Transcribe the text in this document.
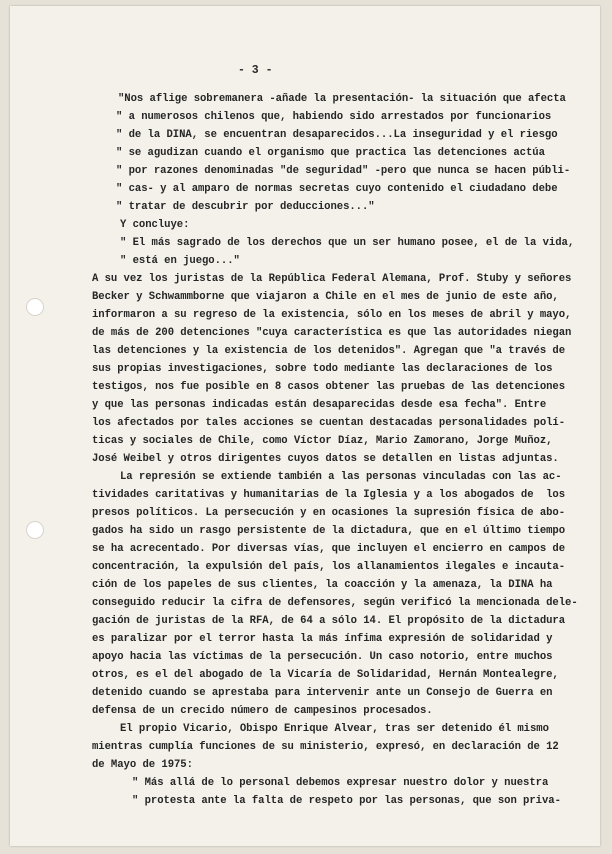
- 3 -
"Nos aflige sobremanera -añade la presentación- la situación que afecta
" a numerosos chilenos que, habiendo sido arrestados por funcionarios
" de la DINA, se encuentran desaparecidos...La inseguridad y el riesgo
" se agudizan cuando el organismo que practica las detenciones actúa
" por razones denominadas "de seguridad" -pero que nunca se hacen públi-
" cas- y al amparo de normas secretas cuyo contenido el ciudadano debe
" tratar de descubrir por deducciones..."
Y concluye:
" El más sagrado de los derechos que un ser humano posee, el de la vida,
" está en juego..."
A su vez los juristas de la República Federal Alemana, Prof. Stuby y señores
Becker y Schwammborne que viajaron a Chile en el mes de junio de este año,
informaron a su regreso de la existencia, sólo en los meses de abril y mayo,
de más de 200 detenciones "cuya característica es que las autoridades niegan
las detenciones y la existencia de los detenidos". Agregan que "a través de
sus propias investigaciones, sobre todo mediante las declaraciones de los
testigos, nos fue posible en 8 casos obtener las pruebas de las detenciones
y que las personas indicadas están desaparecidas desde esa fecha". Entre
los afectados por tales acciones se cuentan destacadas personalidades polí-
ticas y sociales de Chile, como Víctor Díaz, Mario Zamorano, Jorge Muñoz,
José Weibel y otros dirigentes cuyos datos se detallen en listas adjuntas.
La represión se extiende también a las personas vinculadas con las ac-
tividades caritativas y humanitarias de la Iglesia y a los abogados de  los
presos políticos. La persecución y en ocasiones la supresión física de abo-
gados ha sido un rasgo persistente de la dictadura, que en el último tiempo
se ha acrecentado. Por diversas vías, que incluyen el encierro en campos de
concentración, la expulsión del país, los allanamientos ilegales e incauta-
ción de los papeles de sus clientes, la coacción y la amenaza, la DINA ha
conseguido reducir la cifra de defensores, según verificó la mencionada dele-
gación de juristas de la RFA, de 64 a sólo 14. El propósito de la dictadura
es paralizar por el terror hasta la más ínfima expresión de solidaridad y
apoyo hacia las víctimas de la persecución. Un caso notorio, entre muchos
otros, es el del abogado de la Vicaría de Solidaridad, Hernán Montealegre,
detenido cuando se aprestaba para intervenir ante un Consejo de Guerra en
defensa de un crecido número de campesinos procesados.
El propio Vicario, Obispo Enrique Alvear, tras ser detenido él mismo
mientras cumplía funciones de su ministerio, expresó, en declaración de 12
de Mayo de 1975:
" Más allá de lo personal debemos expresar nuestro dolor y nuestra
" protesta ante la falta de respeto por las personas, que son priva-
